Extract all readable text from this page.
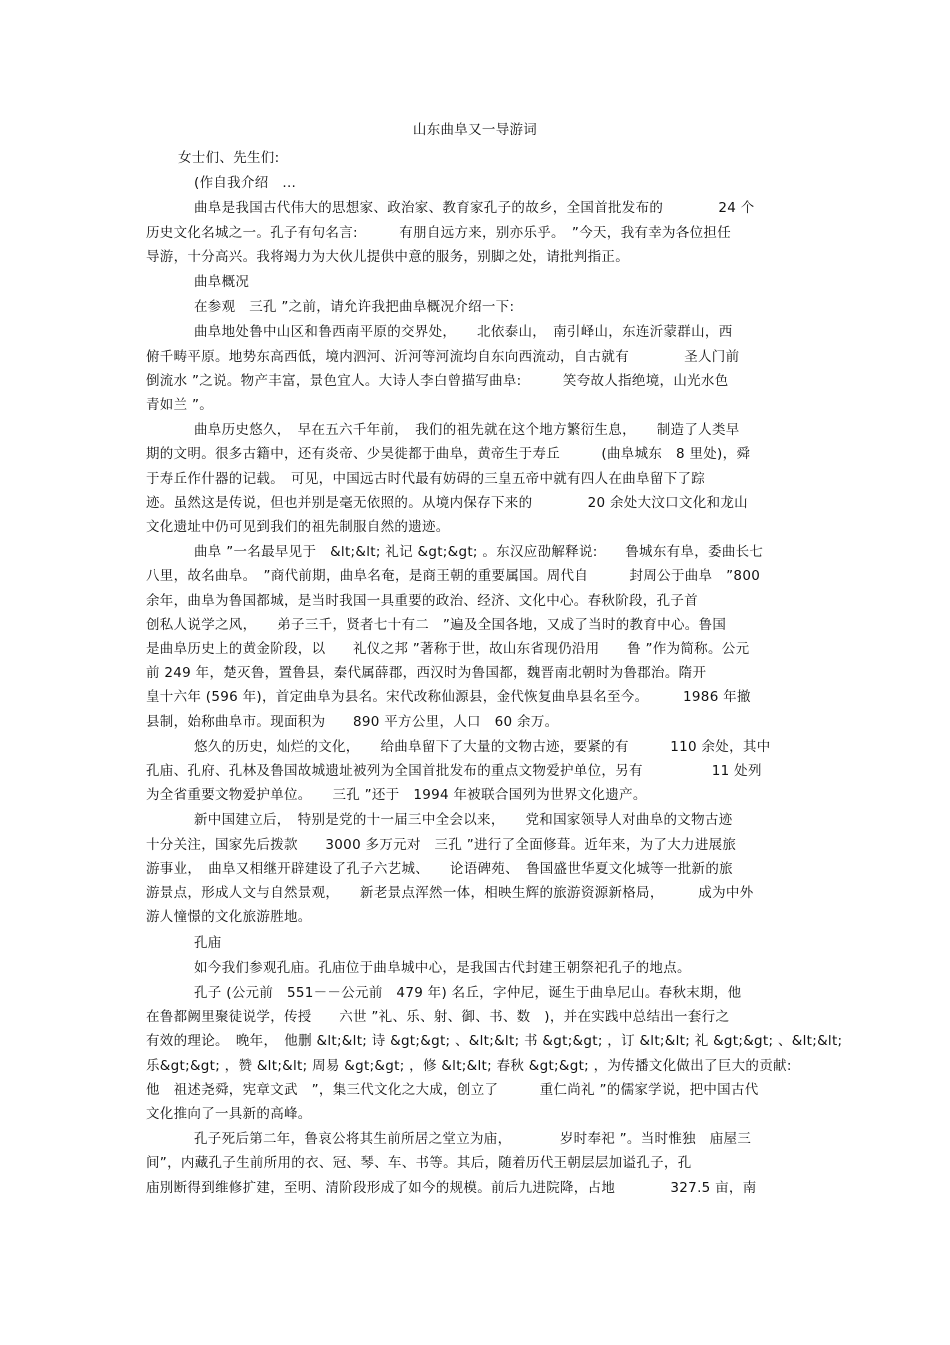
山东曲阜又一导游词
女士们、先生们:
(作自我介绍　...　
曲阜是我国古代伟大的思想家、政治家、教育家孔子的故乡，全国首批发布的　　　　24 个
历史文化名城之一。孔子有句名言:　　　有朋自远方来，别亦乐乎。　”今天，我有幸为各位担任
导游，十分高兴。我将竭力为大伙儿提供中意的服务，别脚之处，请批判指正。
曲阜概况
在参观　三孔 ”之前，请允许我把曲阜概况介绍一下:
曲阜地处鲁中山区和鲁西南平原的交界处，　　北依泰山，　南引峄山，东连沂蒙群山，西
俯千畴平原。地势东高西低，境内泗河、沂河等河流均自东向西流动，自古就有　　　　圣人门前
倒流水 ”之说。物产丰富，景色宜人。大诗人李白曾描写曲阜:　　　笑夸故人指绝境，山光水色
青如兰 ”。
曲阜历史悠久，　早在五六千年前，　我们的祖先就在这个地方繁衍生息，　　制造了人类早
期的文明。很多古籍中，还有炎帝、少昊徙都于曲阜，黄帝生于寿丘　　　(曲阜城东　8 里处)，舜
于寿丘作什器的记载。　可见，中国远古时代最有妨碍的三皇五帝中就有四人在曲阜留下了踪
迹。虽然这是传说，但也并别是毫无依照的。从境内保存下来的　　　　20 余处大汶口文化和龙山
文化遗址中仍可见到我们的祖先制服自然的遗迹。
曲阜 ”一名最早见于　&lt;&lt; 礼记 &gt;&gt; 。东汉应劭解释说:　　鲁城东有阜，委曲长七
八里，故名曲阜。　”商代前期，曲阜名奄，是商王朝的重要属国。周代自　　　封周公于曲阜　”800
余年，曲阜为鲁国都城，是当时我国一具重要的政治、经济、文化中心。春秋阶段，孔子首
创私人说学之风，　　弟子三千，贤者七十有二　”遍及全国各地，又成了当时的教育中心。鲁国
是曲阜历史上的黄金阶段，以　　礼仪之邦 ”著称于世，故山东省现仍沿用　　鲁 ”作为简称。公元
前 249 年，楚灭鲁，置鲁县，秦代属薛郡，西汉时为鲁国都，魏晋南北朝时为鲁郡治。隋开
皇十六年 (596 年)，首定曲阜为县名。宋代改称仙源县，金代恢复曲阜县名至今。　　　1986 年撤
县制，始称曲阜市。现面积为　　890 平方公里，人口　60 余万。
悠久的历史，灿烂的文化，　　给曲阜留下了大量的文物古迹，要紧的有　　　110 余处，其中
孔庙、孔府、孔林及鲁国故城遗址被列为全国首批发布的重点文物爱护单位，另有　　　　　11 处列
为全省重要文物爱护单位。　　三孔 ”还于　1994 年被联合国列为世界文化遗产。
新中国建立后，　特别是党的十一届三中全会以来，　　党和国家领导人对曲阜的文物古迹
十分关注，国家先后拨款　　3000 多万元对　三孔 ”进行了全面修葺。近年来，为了大力进展旅
游事业，　曲阜又相继开辟建设了孔子六艺城、　　论语碑苑、　鲁国盛世华夏文化城等一批新的旅
游景点，形成人文与自然景观，　　新老景点浑然一体，相映生辉的旅游资源新格局，　　　成为中外
游人憧憬的文化旅游胜地。
孔庙
如今我们参观孔庙。孔庙位于曲阜城中心，是我国古代封建王朝祭祀孔子的地点。
孔子 (公元前　551－－公元前　479 年) 名丘，字仲尼，诞生于曲阜尼山。春秋末期，他
在鲁都阙里聚徒说学，传授　　六世 ”礼、乐、射、御、书、数　)，并在实践中总结出一套行之
有效的理论。　晚年，　他删 &lt;&lt; 诗 &gt;&gt; 、&lt;&lt; 书 &gt;&gt; ，订 &lt;&lt; 礼 &gt;&gt; 、&lt;&lt;
乐&gt;&gt; ，赞 &lt;&lt; 周易 &gt;&gt; ，修 &lt;&lt; 春秋 &gt;&gt; ，为传播文化做出了巨大的贡献:
他　祖述尧舜，宪章文武　”，集三代文化之大成，创立了　　　重仁尚礼 ”的儒家学说，把中国古代
文化推向了一具新的高峰。
孔子死后第二年，鲁哀公将其生前所居之堂立为庙，　　　　岁时奉祀 ”。当时惟独　庙屋三
间”，内藏孔子生前所用的衣、冠、琴、车、书等。其后，随着历代王朝层层加谥孔子，孔
庙別断得到维修扩建，至明、清阶段形成了如今的规模。前后九进院降，占地　　　　327.5 亩，南
